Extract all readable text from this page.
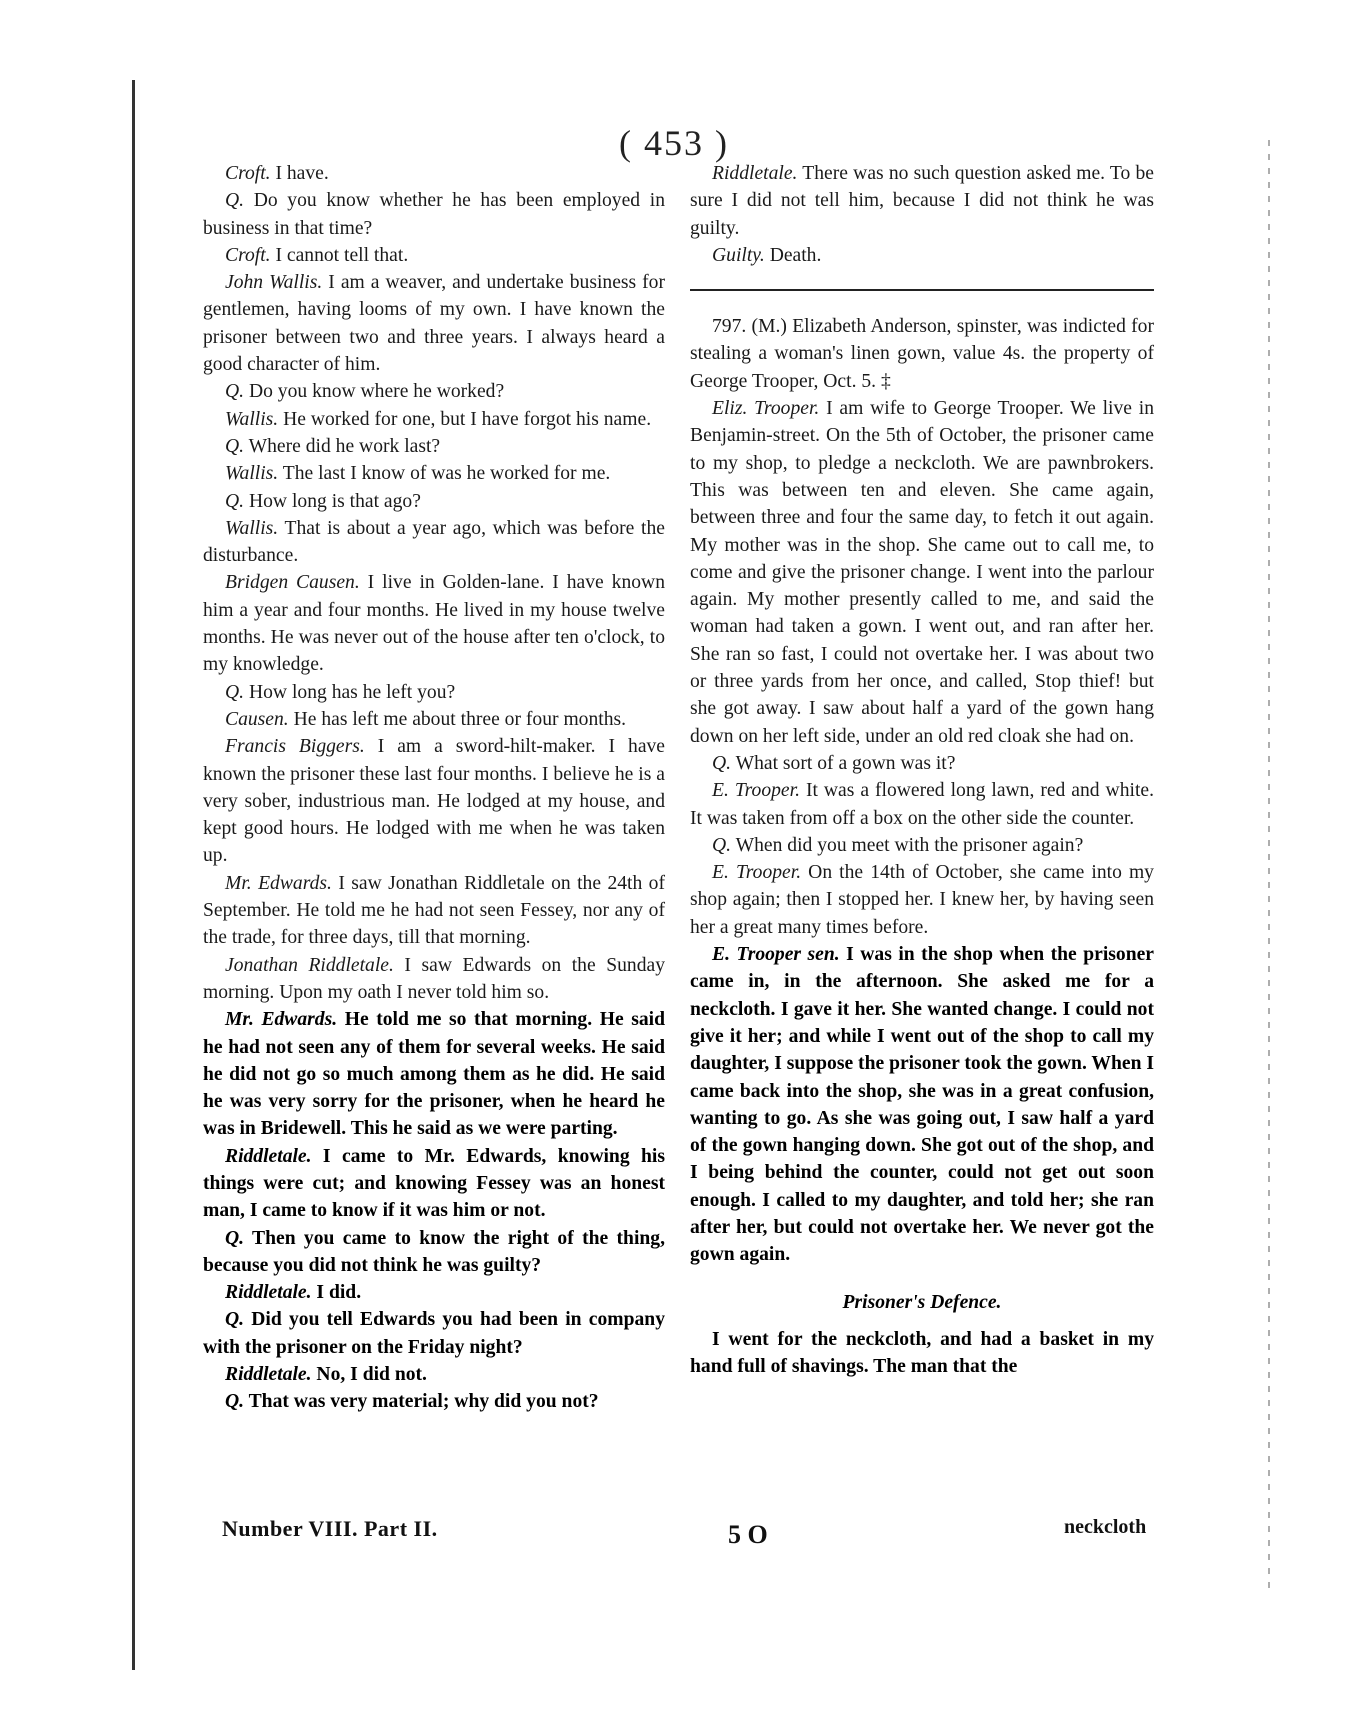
( 453 )

Croft. I have.

Q. Do you know whether he has been employed in business in that time?

Croft. I cannot tell that.

John Wallis. I am a weaver, and undertake business for gentlemen, having looms of my own. I have known the prisoner between two and three years. I always heard a good character of him.

Q. Do you know where he worked?

Wallis. He worked for one, but I have forgot his name.

Q. Where did he work last?

Wallis. The last I know of was he worked for me.

Q. How long is that ago?

Wallis. That is about a year ago, which was before the disturbance.

Bridgen Causen. I live in Golden-lane. I have known him a year and four months. He lived in my house twelve months. He was never out of the house after ten o'clock, to my knowledge.

Q. How long has he left you?

Causen. He has left me about three or four months.

Francis Biggers. I am a sword-hilt-maker. I have known the prisoner these last four months. I believe he is a very sober, industrious man. He lodged at my house, and kept good hours. He lodged with me when he was taken up.

Mr. Edwards. I saw Jonathan Riddletale on the 24th of September. He told me he had not seen Fessey, nor any of the trade, for three days, till that morning.

Jonathan Riddletale. I saw Edwards on the Sunday morning. Upon my oath I never told him so.

Mr. Edwards. He told me so that morning. He said he had not seen any of them for several weeks. He said he did not go so much among them as he did. He said he was very sorry for the prisoner, when he heard he was in Bridewell. This he said as we were parting.

Riddletale. I came to Mr. Edwards, knowing his things were cut; and knowing Fessey was an honest man, I came to know if it was him or not.

Q. Then you came to know the right of the thing, because you did not think he was guilty?

Riddletale. I did.

Q. Did you tell Edwards you had been in company with the prisoner on the Friday night?

Riddletale. No, I did not.

Q. That was very material; why did you not?

Riddletale. There was no such question asked me. To be sure I did not tell him, because I did not think he was guilty.

Guilty. Death.

797. (M.) Elizabeth Anderson, spinster, was indicted for stealing a woman's linen gown, value 4s. the property of George Trooper, Oct. 5. ‡

Eliz. Trooper. I am wife to George Trooper. We live in Benjamin-street. On the 5th of October, the prisoner came to my shop, to pledge a neckcloth. We are pawnbrokers. This was between ten and eleven. She came again, between three and four the same day, to fetch it out again. My mother was in the shop. She came out to call me, to come and give the prisoner change. I went into the parlour again. My mother presently called to me, and said the woman had taken a gown. I went out, and ran after her. She ran so fast, I could not overtake her. I was about two or three yards from her once, and called, Stop thief! but she got away. I saw about half a yard of the gown hang down on her left side, under an old red cloak she had on.

Q. What sort of a gown was it?

E. Trooper. It was a flowered long lawn, red and white. It was taken from off a box on the other side the counter.

Q. When did you meet with the prisoner again?

E. Trooper. On the 14th of October, she came into my shop again; then I stopped her. I knew her, by having seen her a great many times before.

E. Trooper sen. I was in the shop when the prisoner came in, in the afternoon. She asked me for a neckcloth. I gave it her. She wanted change. I could not give it her; and while I went out of the shop to call my daughter, I suppose the prisoner took the gown. When I came back into the shop, she was in a great confusion, wanting to go. As she was going out, I saw half a yard of the gown hanging down. She got out of the shop, and I being behind the counter, could not get out soon enough. I called to my daughter, and told her; she ran after her, but could not overtake her. We never got the gown again.

Prisoner's Defence.

I went for the neckcloth, and had a basket in my hand full of shavings. The man that the

Number VIII. Part II.	5 O	neckcloth
